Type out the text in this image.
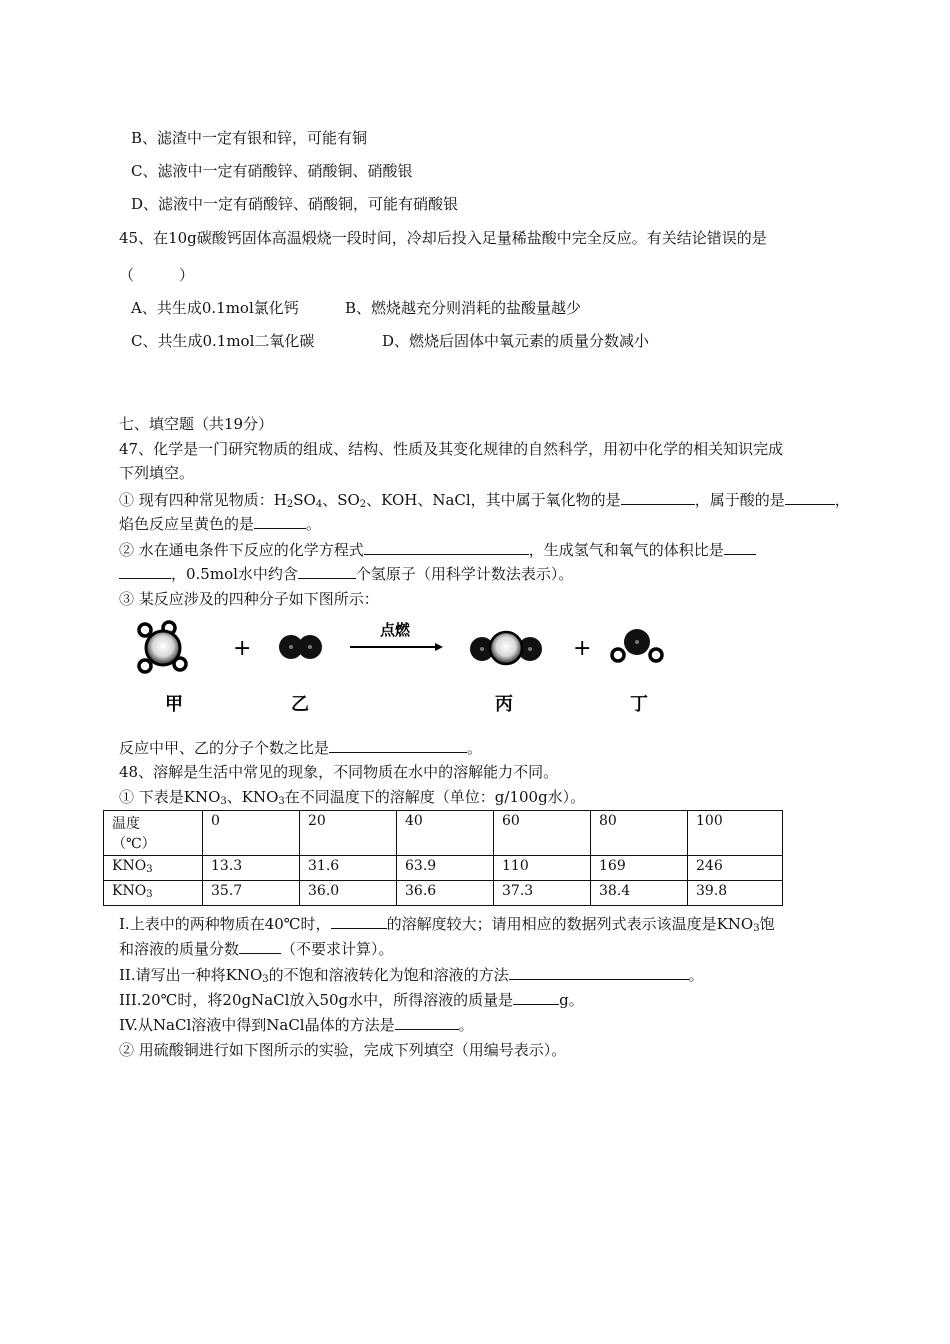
B、滤渣中一定有银和锌，可能有铜
C、滤液中一定有硝酸锌、硝酸铜、硝酸银
D、滤液中一定有硝酸锌、硝酸铜，可能有硝酸银
45、在10g碳酸钙固体高温煅烧一段时间，冷却后投入足量稀盐酸中完全反应。有关结论错误的是
（　　　）
A、共生成0.1mol氯化钙	B、燃烧越充分则消耗的盐酸量越少
C、共生成0.1mol二氧化碳	D、燃烧后固体中氧元素的质量分数减小
七、填空题（共19分）
47、化学是一门研究物质的组成、结构、性质及其变化规律的自然科学，用初中化学的相关知识完成
下列填空。
① 现有四种常见物质：$H_2SO_4$、$SO_2$、KOH、NaCl，其中属于氧化物的是	，属于酸的是	，
焰色反应呈黄色的是	。
② 水在通电条件下反应的化学方程式	，生成氢气和氧气的体积比是
，0.5mol水中约含	个氢原子（用科学计数法表示）。
③ 某反应涉及的四种分子如下图所示：
+
点燃
+
甲	乙	丙	丁
反应中甲、乙的分子个数之比是	。
48、溶解是生活中常见的现象，不同物质在水中的溶解能力不同。
① 下表是$KNO_3$、$KNO_3$在不同温度下的溶解度（单位：g/100g水）。
温度
（℃）	0	20	40	60	80	100
$KNO_3$	13.3	31.6	63.9	110	169	246
$KNO_3$	35.7	36.0	36.6	37.3	38.4	39.8
I.上表中的两种物质在40℃时，	的溶解度较大；请用相应的数据列式表示该温度是$KNO_3$饱
和溶液的质量分数	（不要求计算）。
II.请写出一种将$KNO_3$的不饱和溶液转化为饱和溶液的方法	。
III.20℃时，将20gNaCl放入50g水中，所得溶液的质量是	g。
IV.从NaCl溶液中得到NaCl晶体的方法是	。
② 用硫酸铜进行如下图所示的实验，完成下列填空（用编号表示）。
